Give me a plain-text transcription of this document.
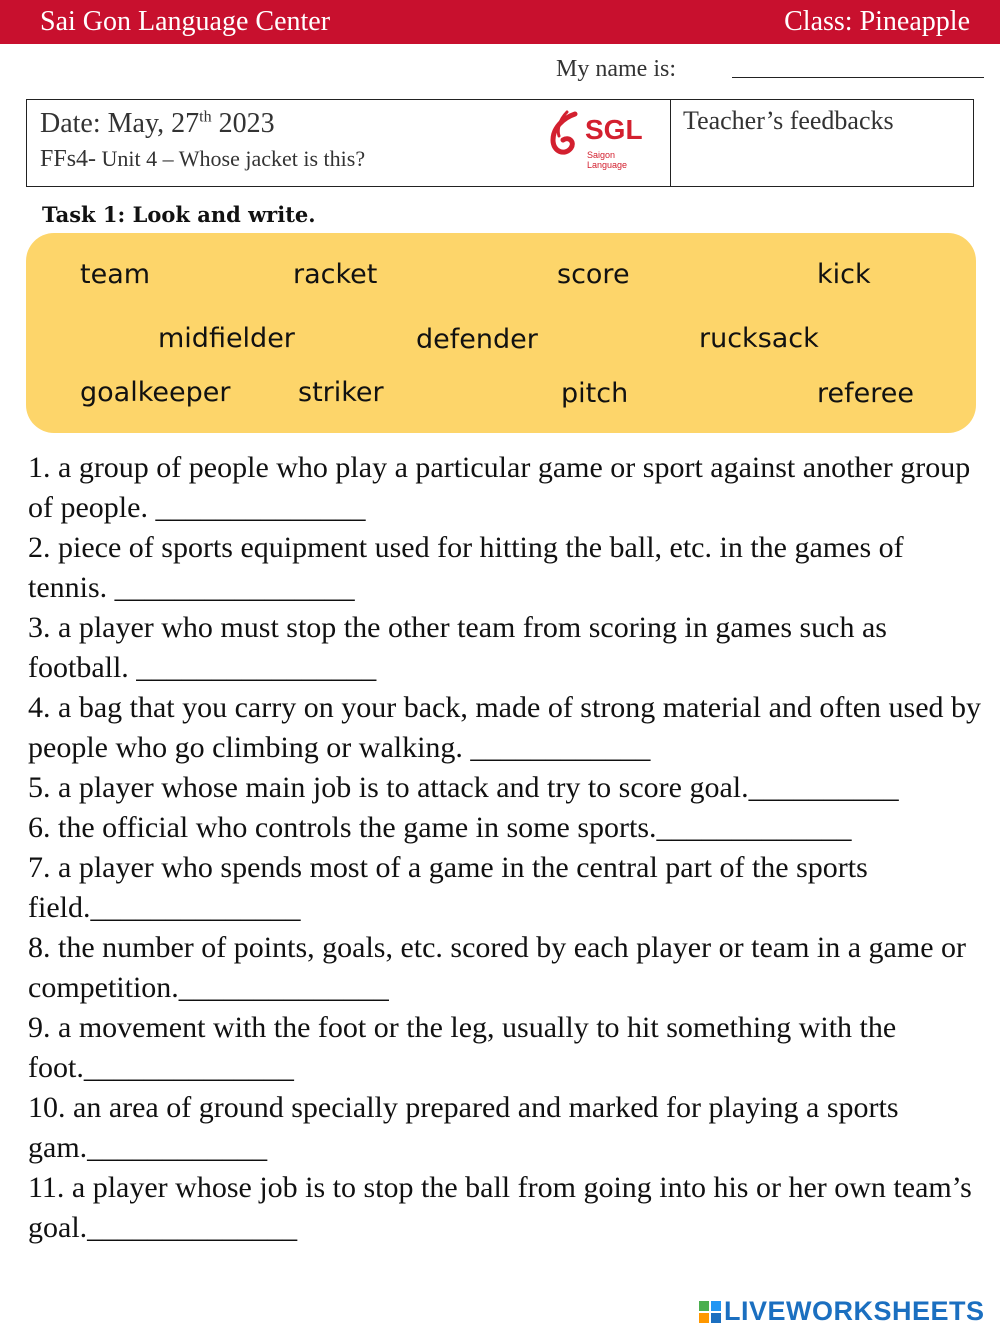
Sai Gon Language Center	Class: Pineapple
My name is:
Date: May, 27th 2023
FFs4- Unit 4 – Whose jacket is this?
SGL
Saigon Language
Teacher’s feedbacks
Task 1: Look and write.
team	racket	score	kick
midfielder	defender	rucksack
goalkeeper	striker	pitch	referee

1. a group of people who play a particular game or sport against another group of people. ______________

2. piece of sports equipment used for hitting the ball, etc. in the games of tennis. ________________

3. a player who must stop the other team from scoring in games such as football. ________________

4. a bag that you carry on your back, made of strong material and often used by people who go climbing or walking. ____________

5. a player whose main job is to attack and try to score goal.__________

6. the official who controls the game in some sports._____________

7. a player who spends most of a game in the central part of the sports field.______________

8. the number of points, goals, etc. scored by each player or team in a game or competition.______________

9. a movement with the foot or the leg, usually to hit something with the foot.______________

10. an area of ground specially prepared and marked for playing a sports gam.____________

11. a player whose job is to stop the ball from going into his or her own team’s goal.______________

LIVEWORKSHEETS
